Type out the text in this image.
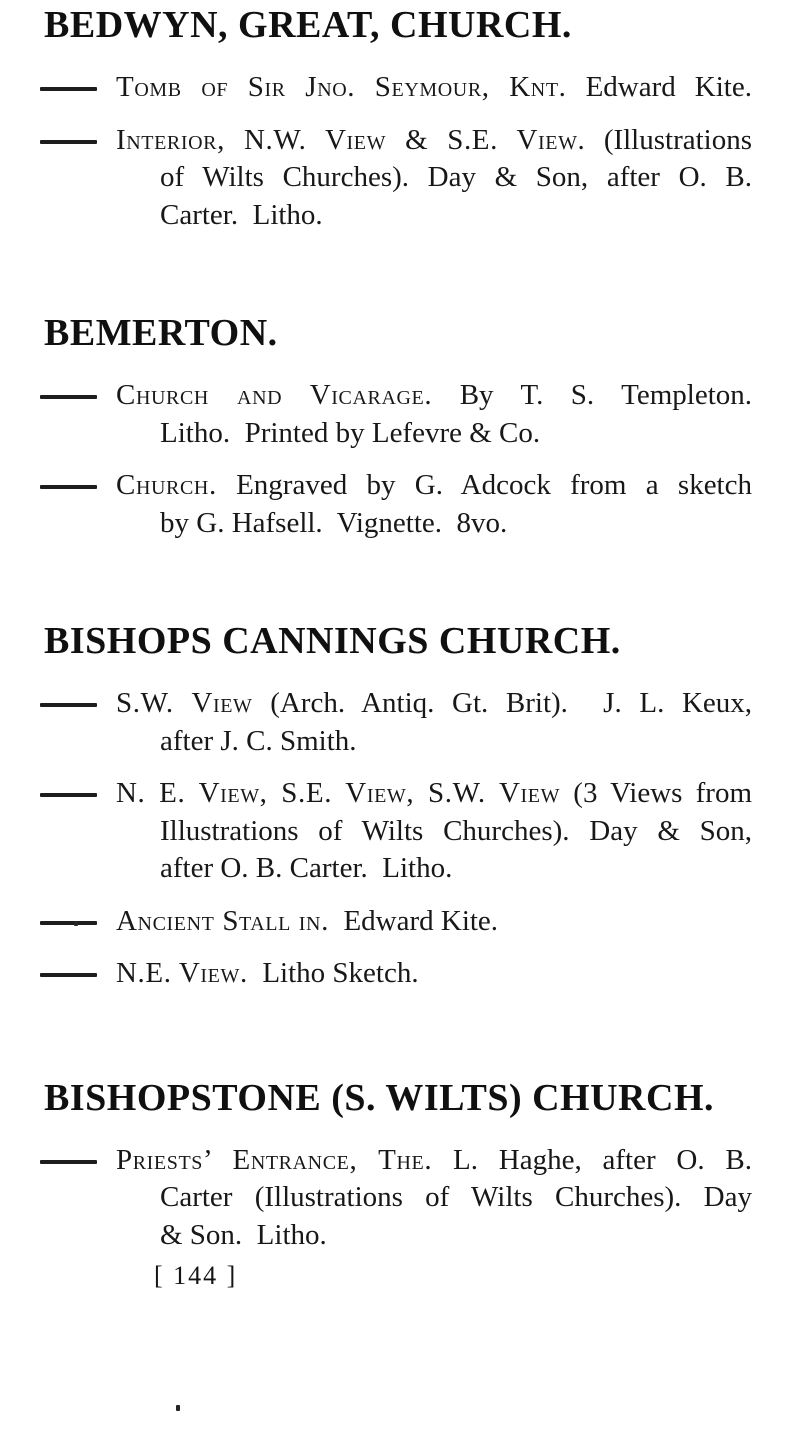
BEDWYN, GREAT, CHURCH.
Tomb of Sir Jno. Seymour, Knt. Edward Kite.
Interior, N.W. View & S.E. View. (Illustrations
of Wilts Churches). Day & Son, after O. B.
Carter.  Litho.
BEMERTON.
Church and Vicarage. By T. S. Templeton.
Litho.  Printed by Lefevre & Co.
Church. Engraved by G. Adcock from a sketch
by G. Hafsell.  Vignette.  8vo.
BISHOPS CANNINGS CHURCH.
S.W. View (Arch. Antiq. Gt. Brit).  J. L. Keux,
after J. C. Smith.
N. E. View, S.E. View, S.W. View (3 Views from
Illustrations of Wilts Churches). Day & Son,
after O. B. Carter.  Litho.
Ancient Stall in. Edward Kite.
N.E. View. Litho Sketch.
BISHOPSTONE (S. WILTS) CHURCH.
Priests’ Entrance, The. L. Haghe, after O. B.
Carter (Illustrations of Wilts Churches). Day
& Son.  Litho.
[ 144 ]
